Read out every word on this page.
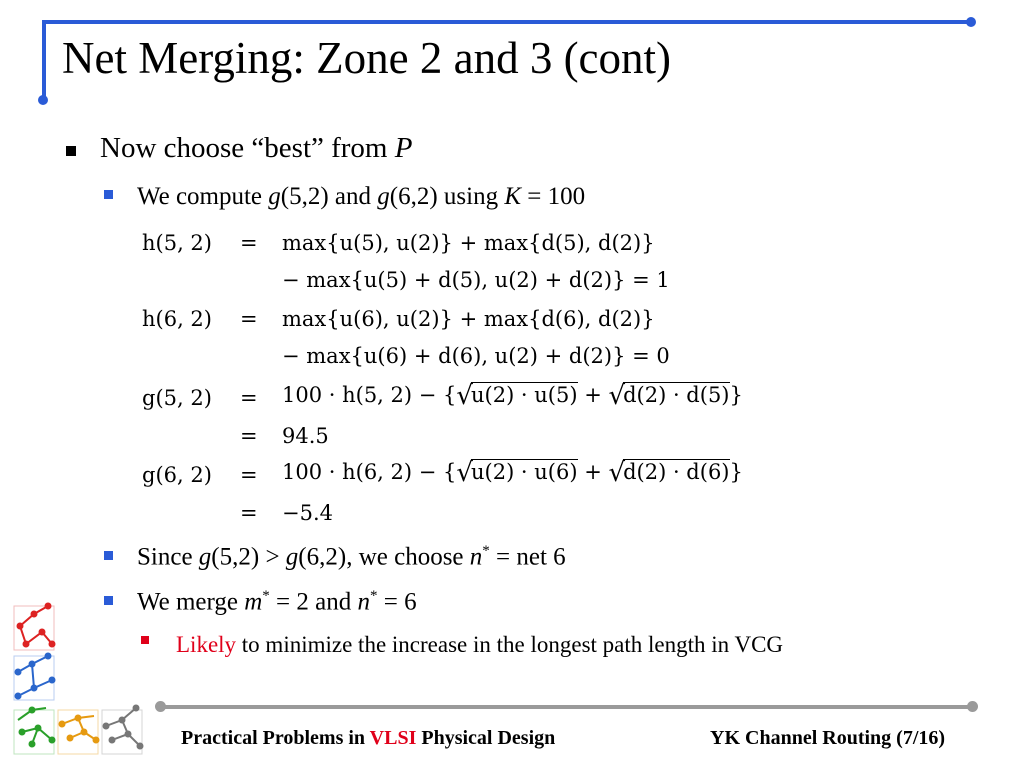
Net Merging: Zone 2 and 3 (cont)
Now choose “best” from P
We compute g(5,2) and g(6,2) using K = 100
h(5, 2) = max{u(5), u(2)} + max{d(5), d(2)}
− max{u(5) + d(5), u(2) + d(2)} = 1
h(6, 2) = max{u(6), u(2)} + max{d(6), d(2)}
− max{u(6) + d(6), u(2) + d(2)} = 0
g(5, 2) = 100 · h(5, 2) − {√u(2) · u(5) + √d(2) · d(5)}
= 94.5
g(6, 2) = 100 · h(6, 2) − {√u(2) · u(6) + √d(2) · d(6)}
= −5.4
Since g(5,2) > g(6,2), we choose n* = net 6
We merge m* = 2 and n* = 6
Likely to minimize the increase in the longest path length in VCG
Practical Problems in VLSI Physical Design	YK Channel Routing (7/16)
